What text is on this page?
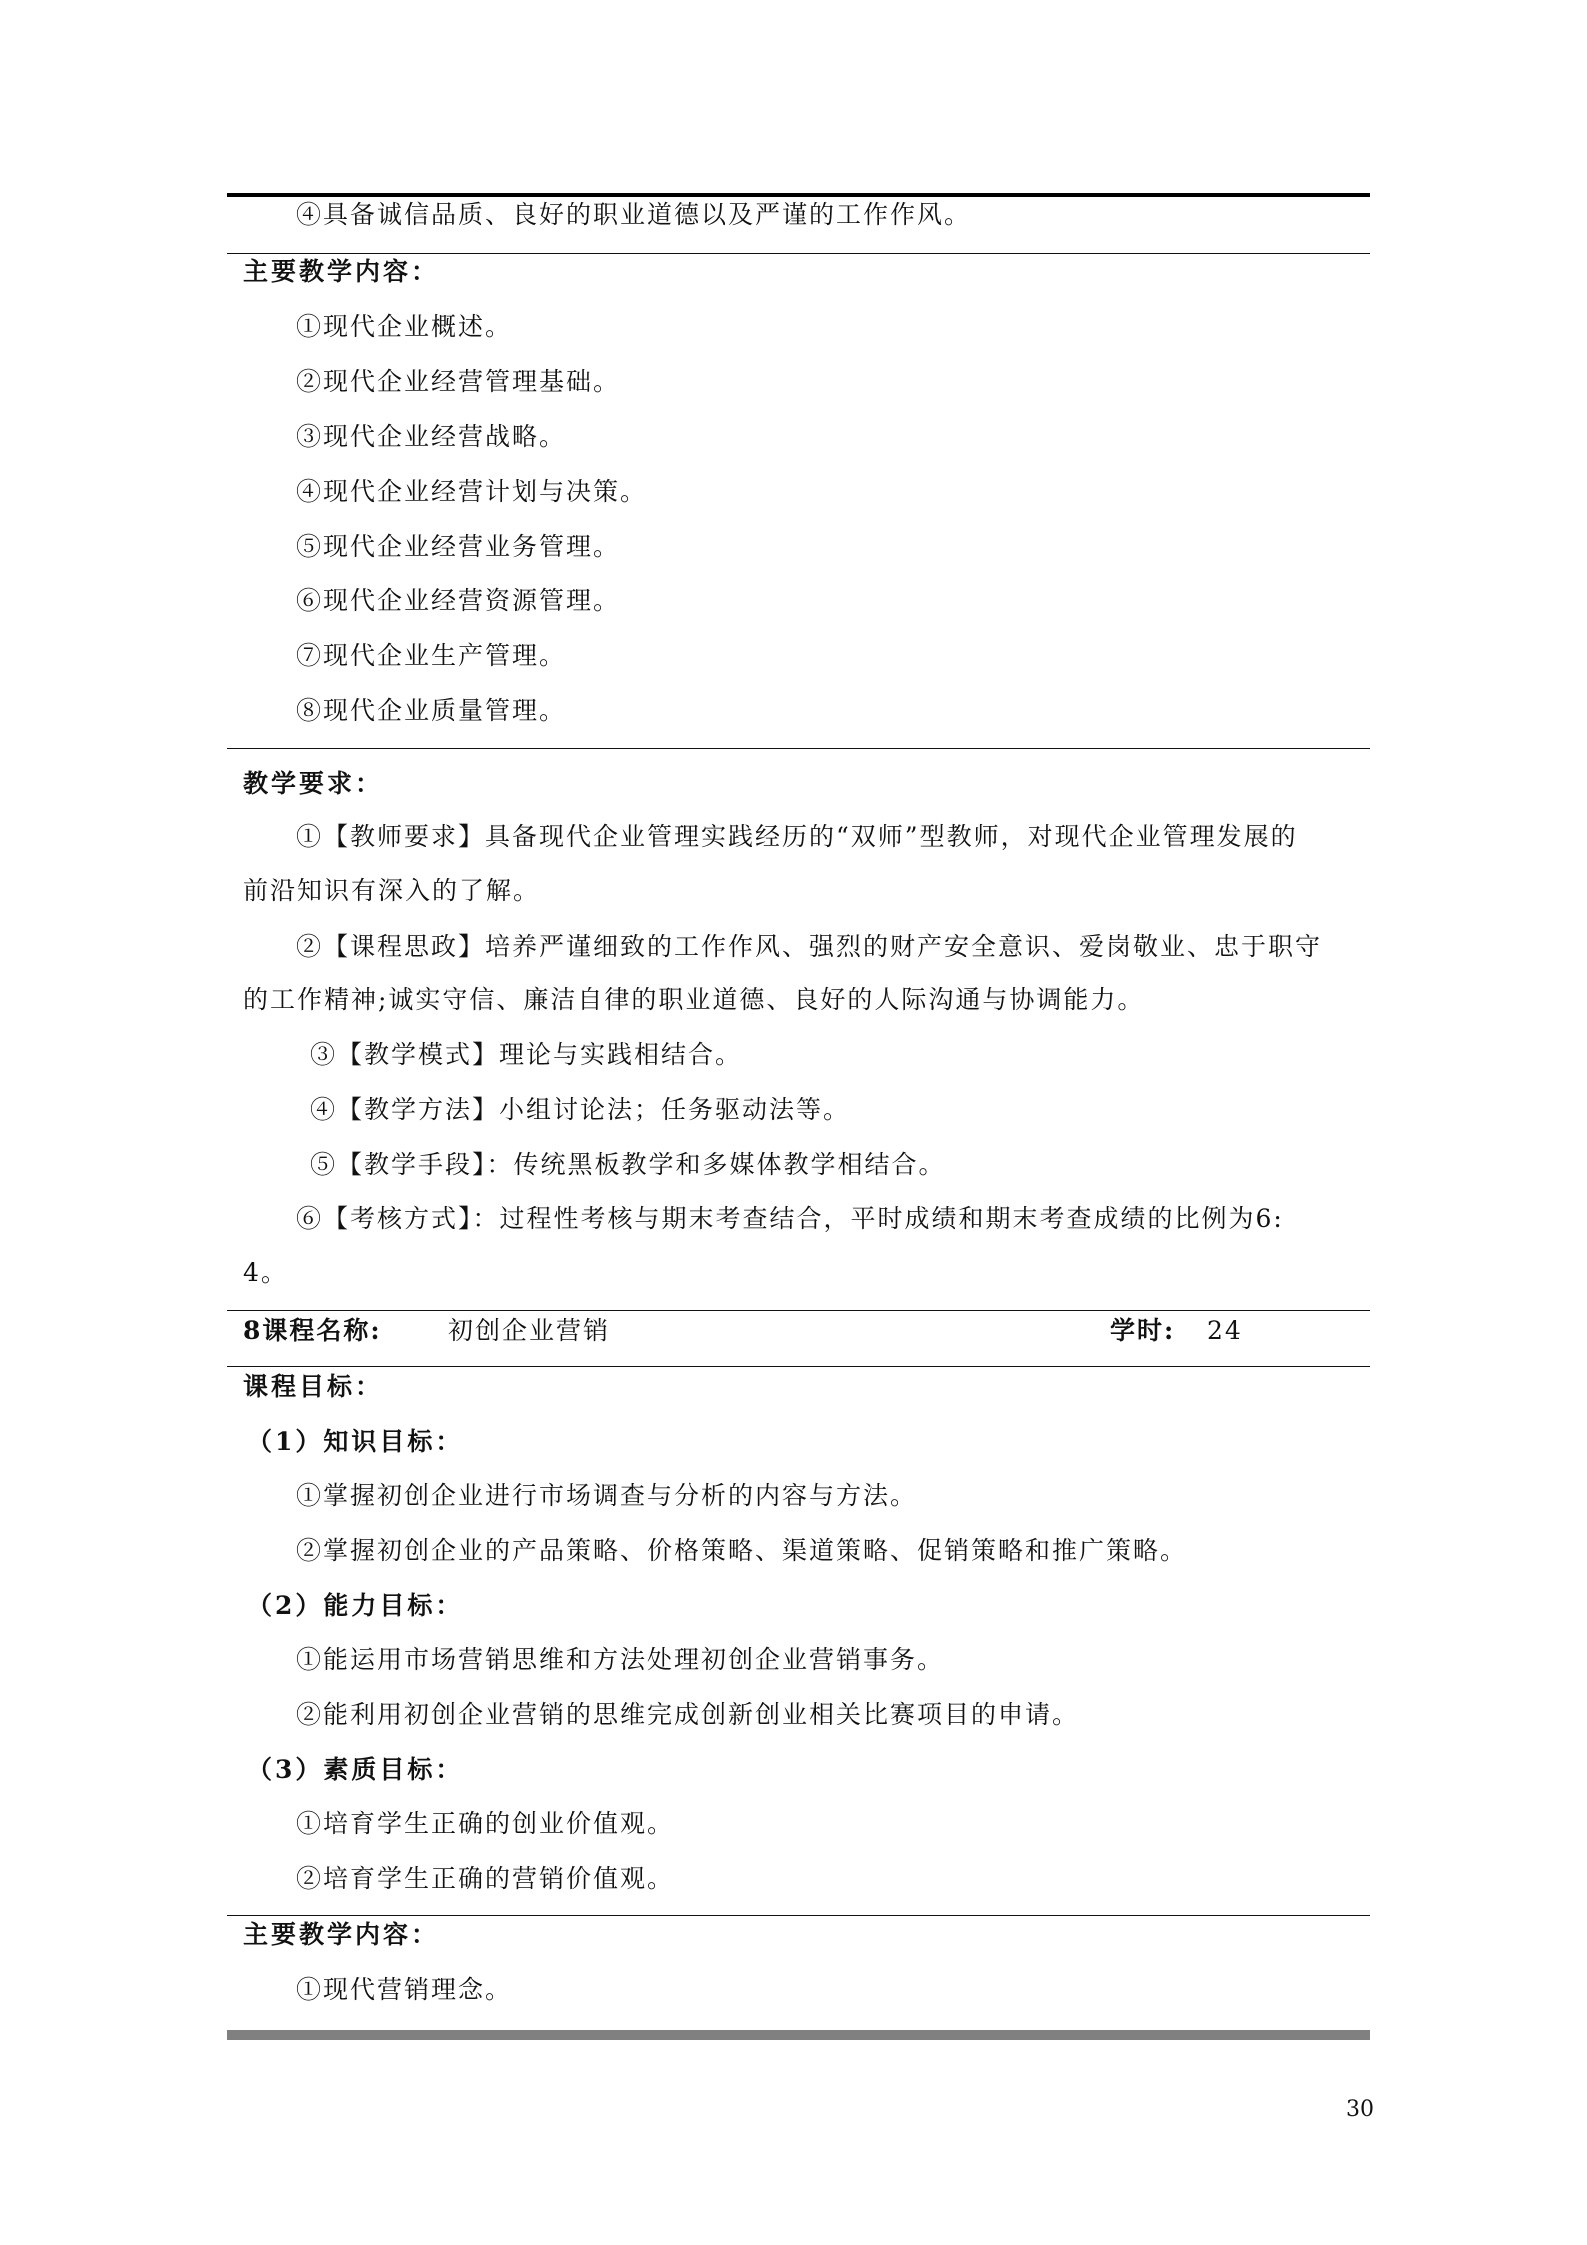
④具备诚信品质、良好的职业道德以及严谨的工作作风。
主要教学内容：
①现代企业概述。
②现代企业经营管理基础。
③现代企业经营战略。
④现代企业经营计划与决策。
⑤现代企业经营业务管理。
⑥现代企业经营资源管理。
⑦现代企业生产管理。
⑧现代企业质量管理。
教学要求：
①【教师要求】具备现代企业管理实践经历的“双师”型教师，对现代企业管理发展的
前沿知识有深入的了解。
②【课程思政】培养严谨细致的工作作风、强烈的财产安全意识、爱岗敬业、忠于职守
的工作精神;诚实守信、廉洁自律的职业道德、良好的人际沟通与协调能力。
③【教学模式】理论与实践相结合。
④【教学方法】小组讨论法；任务驱动法等。
⑤【教学手段】：传统黑板教学和多媒体教学相结合。
⑥【考核方式】：过程性考核与期末考查结合，平时成绩和期末考查成绩的比例为6:
4。
8课程名称:	初创企业营销	学时: 24
课程目标：
（1）知识目标：
①掌握初创企业进行市场调查与分析的内容与方法。
②掌握初创企业的产品策略、价格策略、渠道策略、促销策略和推广策略。
（2）能力目标：
①能运用市场营销思维和方法处理初创企业营销事务。
②能利用初创企业营销的思维完成创新创业相关比赛项目的申请。
（3）素质目标：
①培育学生正确的创业价值观。
②培育学生正确的营销价值观。
主要教学内容：
①现代营销理念。
30
